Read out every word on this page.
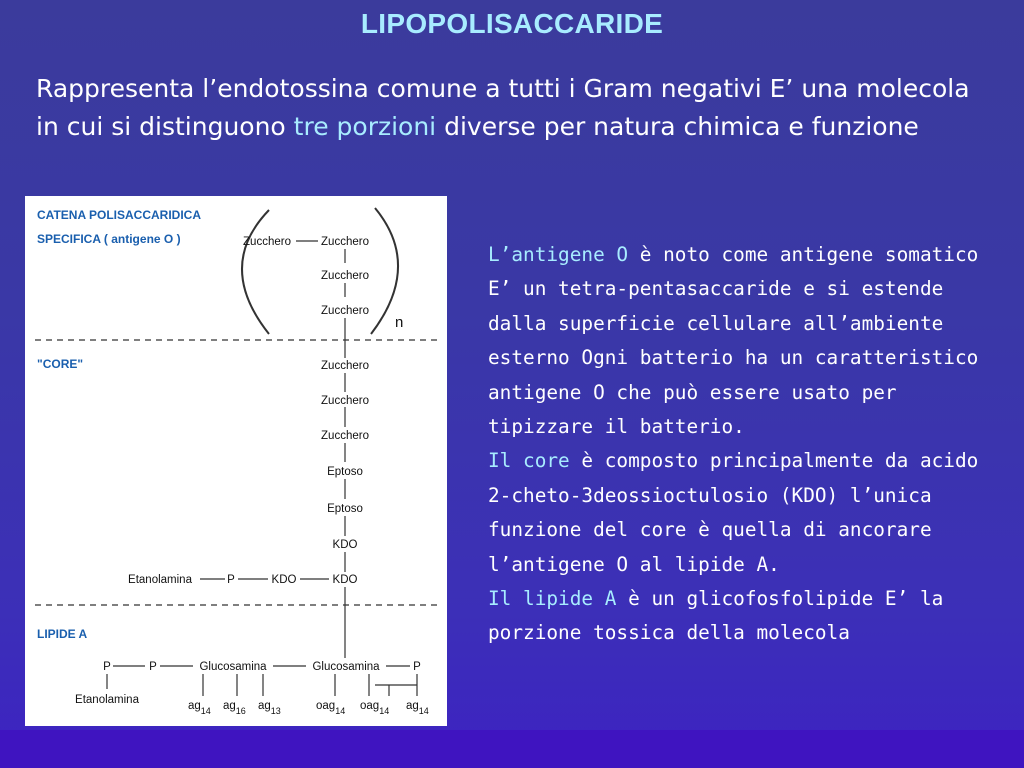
LIPOPOLISACCARIDE
Rappresenta l’endotossina comune a tutti i Gram negativi E’ una molecola in cui si distinguono tre porzioni diverse per natura chimica e funzione
CATENA POLISACCARIDICA
SPECIFICA ( antigene O )
"CORE"
LIPIDE A
n
Zucchero	Zucchero
Zucchero
Zucchero
Zucchero
Zucchero
Zucchero
Eptoso
Eptoso
KDO
KDO
KDO
P
Etanolamina
P	P	Glucosamina	Glucosamina	P
Etanolamina	$ag_{14}$ $ag_{16}$ $ag_{13}$	oag$_{14}$ oag$_{14}$ $ag_{14}$

L’antigene O è noto come antigene somatico E’ un tetra-pentasaccaride e si estende dalla superficie cellulare all’ambiente esterno Ogni batterio ha un caratteristico antigene O che può essere usato per tipizzare il batterio.

Il core è composto principalmente da acido 2-cheto-3deossioctulosio (KDO) l’unica funzione del core è quella di ancorare l’antigene O al lipide A.

Il lipide A è un glicofosfolipide E’ la porzione tossica della molecola
